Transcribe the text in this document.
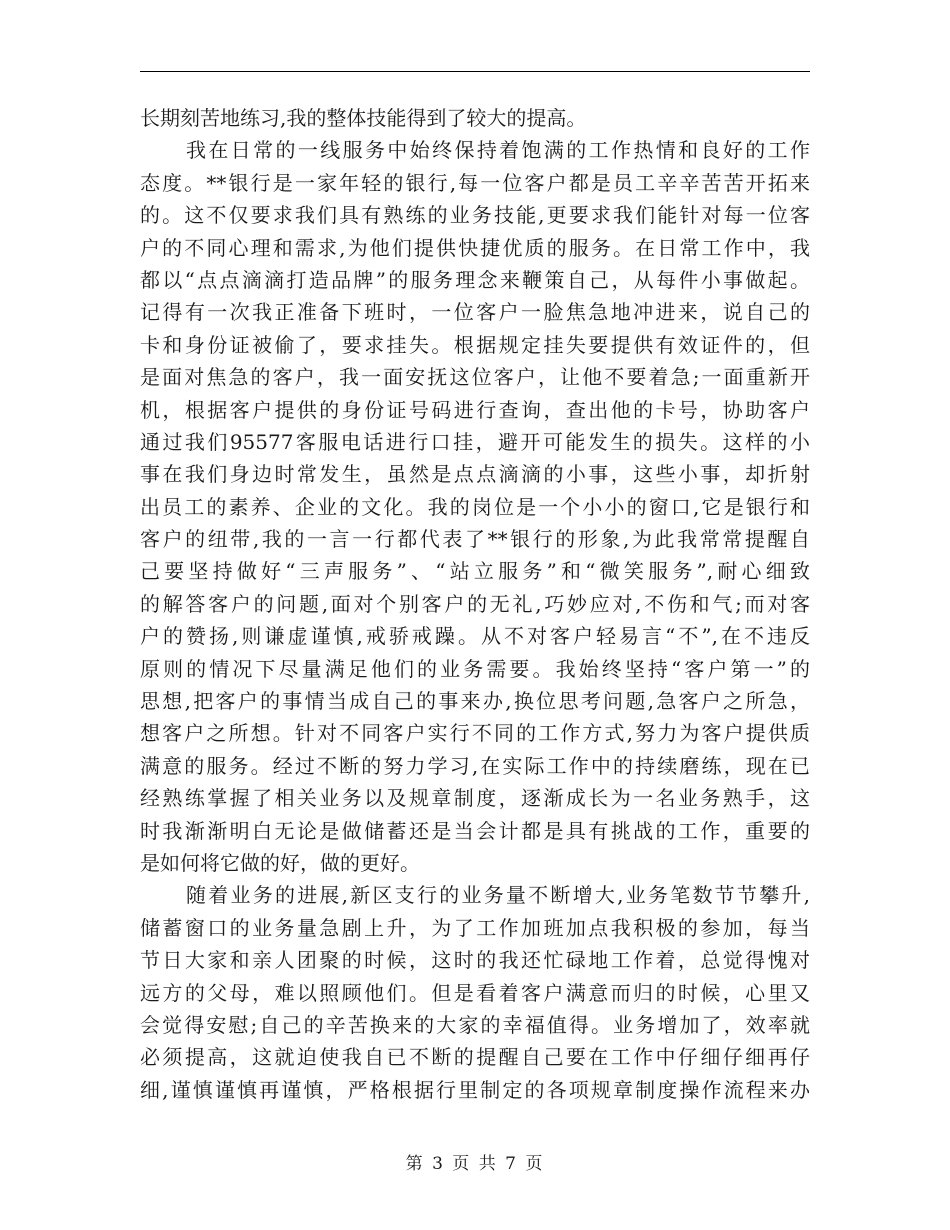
长期刻苦地练习,我的整体技能得到了较大的提高。
我在日常的一线服务中始终保持着饱满的工作热情和良好的工作
态度。**银行是一家年轻的银行,每一位客户都是员工辛辛苦苦开拓来
的。这不仅要求我们具有熟练的业务技能,更要求我们能针对每一位客
户的不同心理和需求,为他们提供快捷优质的服务。在日常工作中，我
都以“点点滴滴打造品牌”的服务理念来鞭策自己，从每件小事做起。
记得有一次我正准备下班时，一位客户一脸焦急地冲进来，说自己的
卡和身份证被偷了，要求挂失。根据规定挂失要提供有效证件的，但
是面对焦急的客户，我一面安抚这位客户，让他不要着急;一面重新开
机，根据客户提供的身份证号码进行查询，查出他的卡号，协助客户
通过我们95577客服电话进行口挂，避开可能发生的损失。这样的小
事在我们身边时常发生，虽然是点点滴滴的小事，这些小事，却折射
出员工的素养、企业的文化。我的岗位是一个小小的窗口,它是银行和
客户的纽带,我的一言一行都代表了**银行的形象,为此我常常提醒自
己要坚持做好“三声服务”、“站立服务”和“微笑服务”,耐心细致
的解答客户的问题,面对个别客户的无礼,巧妙应对,不伤和气;而对客
户的赞扬,则谦虚谨慎,戒骄戒躁。从不对客户轻易言“不”,在不违反
原则的情况下尽量满足他们的业务需要。我始终坚持“客户第一”的
思想,把客户的事情当成自己的事来办,换位思考问题,急客户之所急，
想客户之所想。针对不同客户实行不同的工作方式,努力为客户提供质
满意的服务。经过不断的努力学习,在实际工作中的持续磨练，现在已
经熟练掌握了相关业务以及规章制度，逐渐成长为一名业务熟手，这
时我渐渐明白无论是做储蓄还是当会计都是具有挑战的工作，重要的
是如何将它做的好，做的更好。
随着业务的进展,新区支行的业务量不断增大,业务笔数节节攀升,
储蓄窗口的业务量急剧上升，为了工作加班加点我积极的参加，每当
节日大家和亲人团聚的时候，这时的我还忙碌地工作着，总觉得愧对
远方的父母，难以照顾他们。但是看着客户满意而归的时候，心里又
会觉得安慰;自己的辛苦换来的大家的幸福值得。业务增加了，效率就
必须提高，这就迫使我自已不断的提醒自己要在工作中仔细仔细再仔
细,谨慎谨慎再谨慎，严格根据行里制定的各项规章制度操作流程来办
第 3 页 共 7 页
